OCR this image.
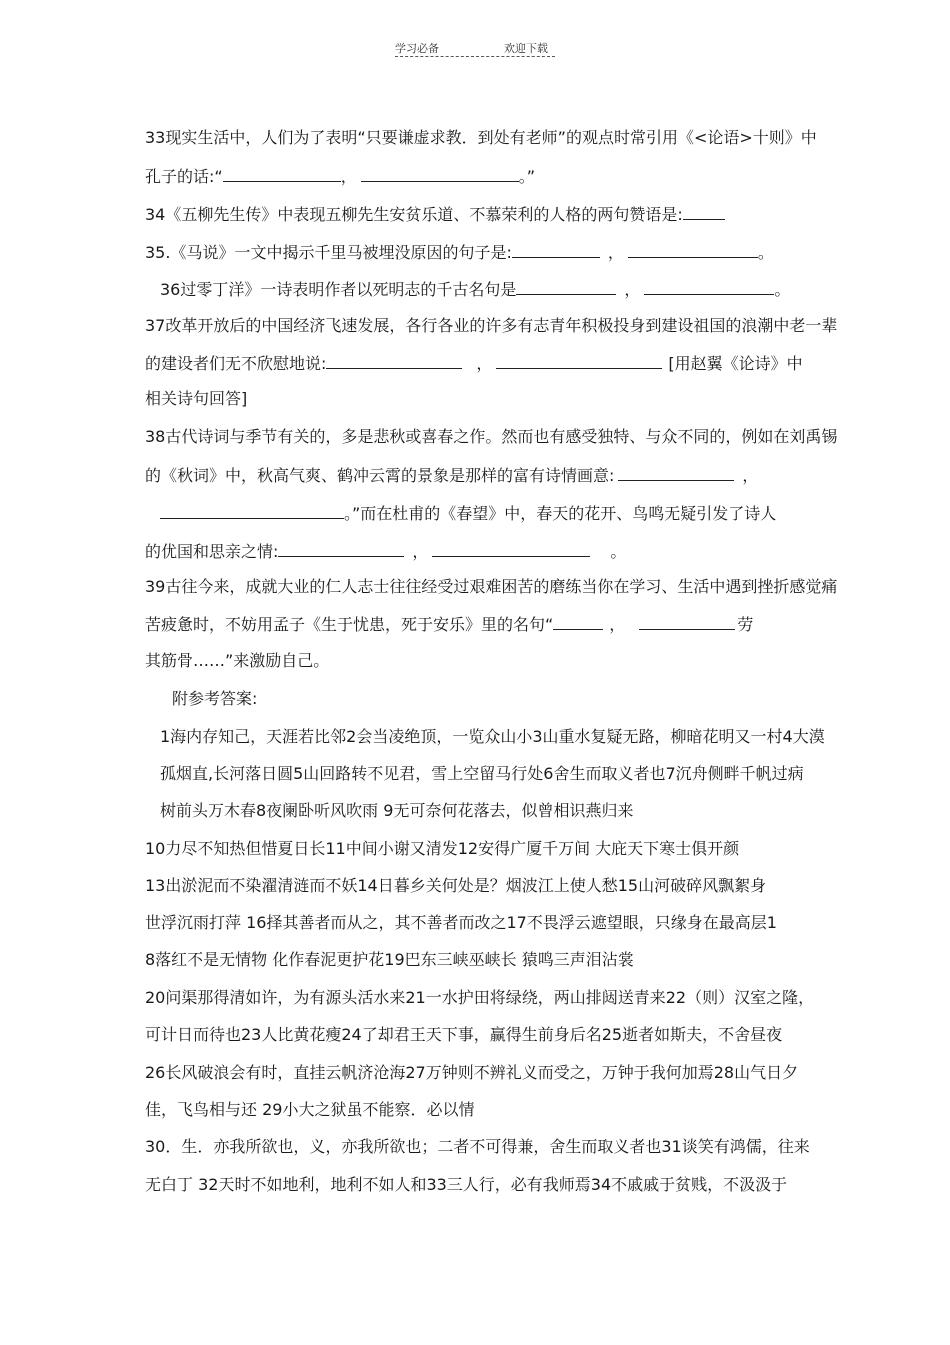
学习必备	欢迎下载
33现实生活中，人们为了表明“只要谦虚求教．到处有老师”的观点时常引用《<论语>十则》中
孔子的话:“	，	。”
34《五柳先生传》中表现五柳先生安贫乐道、不慕荣利的人格的两句赞语是:
35.《马说》一文中揭示千里马被埋没原因的句子是:	，	。
36过零丁洋》一诗表明作者以死明志的千古名句是	，	。
37改革开放后的中国经济飞速发展，各行各业的许多有志青年积极投身到建设祖国的浪潮中老一辈
的建设者们无不欣慰地说:	，	[用赵翼《论诗》中
相关诗句回答]
38古代诗词与季节有关的，多是悲秋或喜春之作。然而也有感受独特、与众不同的，例如在刘禹锡
的《秋词》中，秋高气爽、鹤冲云霄的景象是那样的富有诗情画意:	，
。”而在杜甫的《春望》中，春天的花开、鸟鸣无疑引发了诗人
的优国和思亲之情:	，	。
39古往今来，成就大业的仁人志士往往经受过艰难困苦的磨练当你在学习、生活中遇到挫折感觉痛
苦疲惫时，不妨用孟子《生于忧患，死于安乐》里的名句“	，	劳
其筋骨……”来激励自己。
附参考答案:
1海内存知己，天涯若比邻2会当凌绝顶，一览众山小3山重水复疑无路，柳暗花明又一村4大漠
孤烟直,长河落日圆5山回路转不见君，雪上空留马行处6舍生而取义者也7沉舟侧畔千帆过病
树前头万木春8夜阑卧听风吹雨 9无可奈何花落去，似曾相识燕归来
10力尽不知热但惜夏日长11中间小谢又清发12安得广厦千万间 大庇天下寒士俱开颜
13出淤泥而不染濯清涟而不妖14日暮乡关何处是？烟波江上使人愁15山河破碎风飘絮身
世浮沉雨打萍 16择其善者而从之，其不善者而改之17不畏浮云遮望眼，只缘身在最高层1
8落红不是无情物 化作春泥更护花19巴东三峡巫峡长 猿鸣三声泪沾裳
20问渠那得清如许，为有源头活水来21一水护田将绿绕，两山排闼送青来22（则）汉室之隆，
可计日而待也23人比黄花瘦24了却君王天下事，赢得生前身后名25逝者如斯夫，不舍昼夜
26长风破浪会有时，直挂云帆济沧海27万钟则不辨礼义而受之，万钟于我何加焉28山气日夕
佳，飞鸟相与还 29小大之狱虽不能察．必以情
30．生．亦我所欲也，义，亦我所欲也；二者不可得兼，舍生而取义者也31谈笑有鸿儒，往来
无白丁 32天时不如地利，地利不如人和33三人行，必有我师焉34不戚戚于贫贱，不汲汲于
